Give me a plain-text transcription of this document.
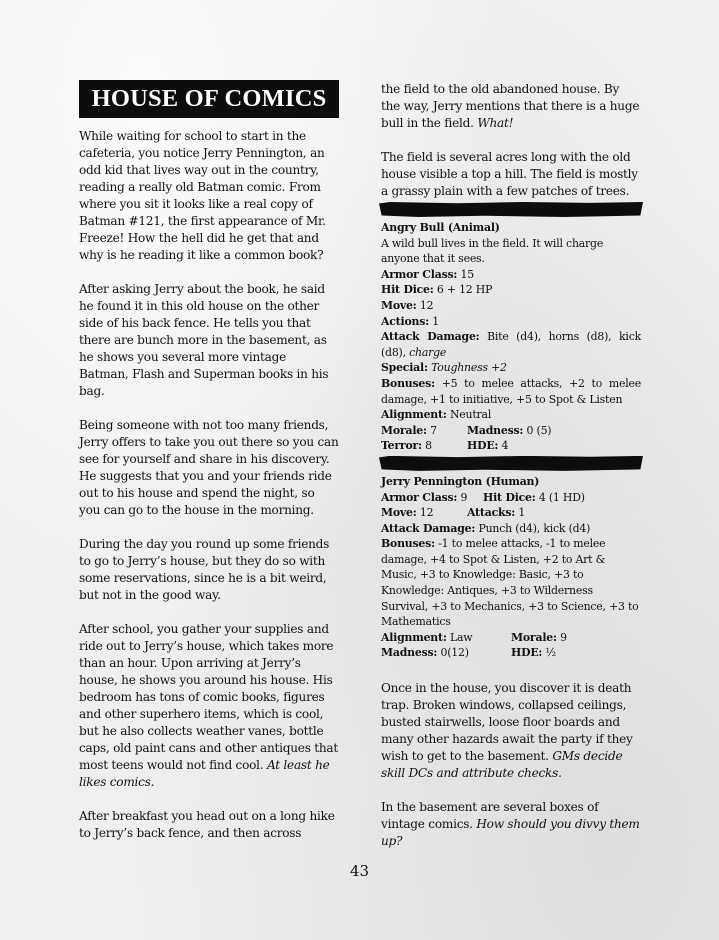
HOUSE OF COMICS

While waiting for school to start in the cafeteria, you notice Jerry Pennington, an odd kid that lives way out in the country, reading a really old Batman comic. From where you sit it looks like a real copy of Batman #121, the first appearance of Mr. Freeze! How the hell did he get that and why is he reading it like a common book?

After asking Jerry about the book, he said he found it in this old house on the other side of his back fence. He tells you that there are bunch more in the basement, as he shows you several more vintage Batman, Flash and Superman books in his bag.

Being someone with not too many friends, Jerry offers to take you out there so you can see for yourself and share in his discovery. He suggests that you and your friends ride out to his house and spend the night, so you can go to the house in the morning.

During the day you round up some friends to go to Jerry’s house, but they do so with some reservations, since he is a bit weird, but not in the good way.

After school, you gather your supplies and ride out to Jerry’s house, which takes more than an hour. Upon arriving at Jerry’s house, he shows you around his house. His bedroom has tons of comic books, figures and other superhero items, which is cool, but he also collects weather vanes, bottle caps, old paint cans and other antiques that most teens would not find cool. At least he likes comics.

After breakfast you head out on a long hike to Jerry’s back fence, and then across

the field to the old abandoned house. By the way, Jerry mentions that there is a huge bull in the field. What!

The field is several acres long with the old house visible a top a hill. The field is mostly a grassy plain with a few patches of trees.

Angry Bull (Animal)
A wild bull lives in the field. It will charge anyone that it sees.
Armor Class: 15
Hit Dice: 6 + 12 HP
Move: 12
Actions: 1
Attack Damage: Bite (d4), horns (d8), kick (d8), charge
Special: Toughness +2
Bonuses: +5 to melee attacks, +2 to melee damage, +1 to initiative, +5 to Spot & Listen
Alignment: Neutral
Morale: 7	Madness: 0 (5)
Terror: 8	HDE: 4
Jerry Pennington (Human)
Armor Class: 9 Hit Dice: 4 (1 HD)
Move: 12	Attacks: 1
Attack Damage: Punch (d4), kick (d4)
Bonuses: -1 to melee attacks, -1 to melee damage, +4 to Spot & Listen, +2 to Art & Music, +3 to Knowledge: Basic, +3 to Knowledge: Antiques, +3 to Wilderness Survival, +3 to Mechanics, +3 to Science, +3 to Mathematics
Alignment: Law	Morale: 9
Madness: 0(12)	HDE: ½

Once in the house, you discover it is death trap. Broken windows, collapsed ceilings, busted stairwells, loose floor boards and many other hazards await the party if they wish to get to the basement. GMs decide skill DCs and attribute checks.

In the basement are several boxes of vintage comics. How should you divvy them up?

43
